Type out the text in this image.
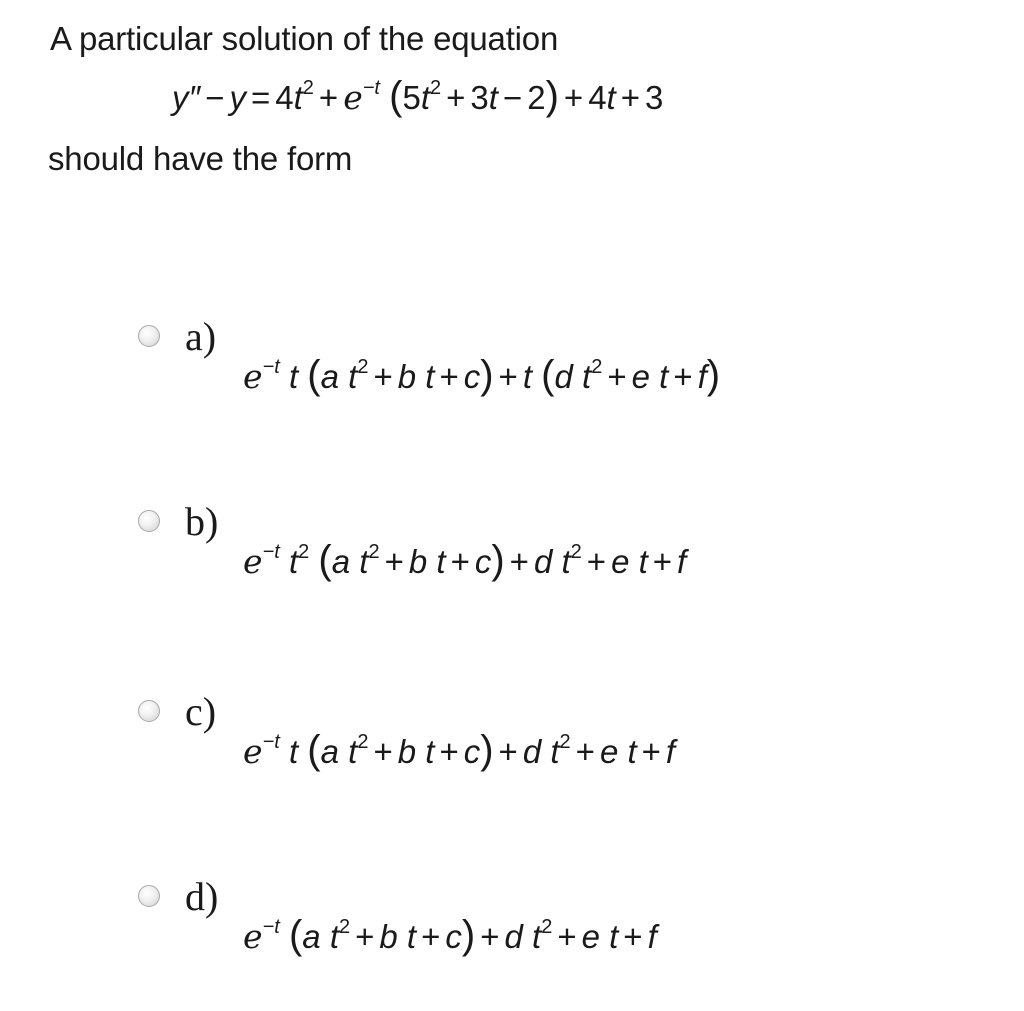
A particular solution of the equation
$y'' - y = 4t^2 + e^{-t}$ $(5t^2 + 3t - 2) + 4t + 3$
should have the form
a)
$e^{-t}$ t (a $t^2 + b$ t + c) + t (d $t^2 + e$ t + f)
b)
$e^{-t}$ $t^2$ (a $t^2 + b$ t + c) + d $t^2 + e$ t + f
c)
$e^{-t}$ t (a $t^2 + b$ t + c) + d $t^2 + e$ t + f
d)
$e^{-t}$ (a $t^2 + b$ t + c) + d $t^2 + e$ t + f
